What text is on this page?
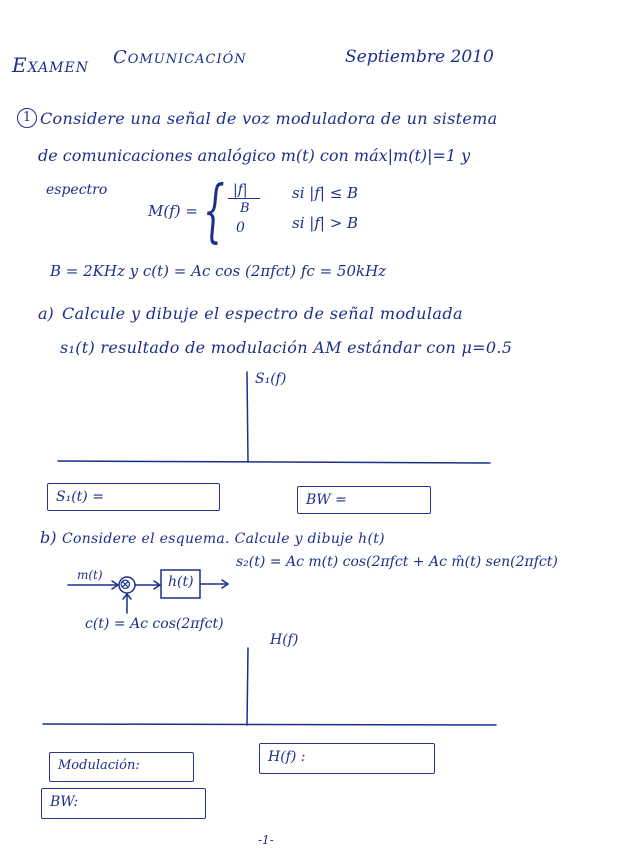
Examen Comunicación	Septiembre 2010
1 Considere una señal de voz moduladora de un sistema
de comunicaciones analógico m(t) con máx|m(t)|=1 y
espectro
M(f) = { |f|
B
si |f| ≤ B
0	si |f| > B
B = 2KHz y c(t) = Ac cos (2πfct) fc = 50kHz
a) Calcule y dibuje el espectro de señal modulada
s₁(t) resultado de modulación AM estándar con μ=0.5
S₁(f)
S₁(t) =	BW =
b) Considere el esquema. Calcule y dibuje h(t)
m(t) ⊗	h(t)
s₂(t) = Ac m(t) cos(2πfct + Ac m̂(t) sen(2πfct)
c(t) = Ac cos(2πfct)
H(f)
Modulación:
H(f) :
BW:
-1-
